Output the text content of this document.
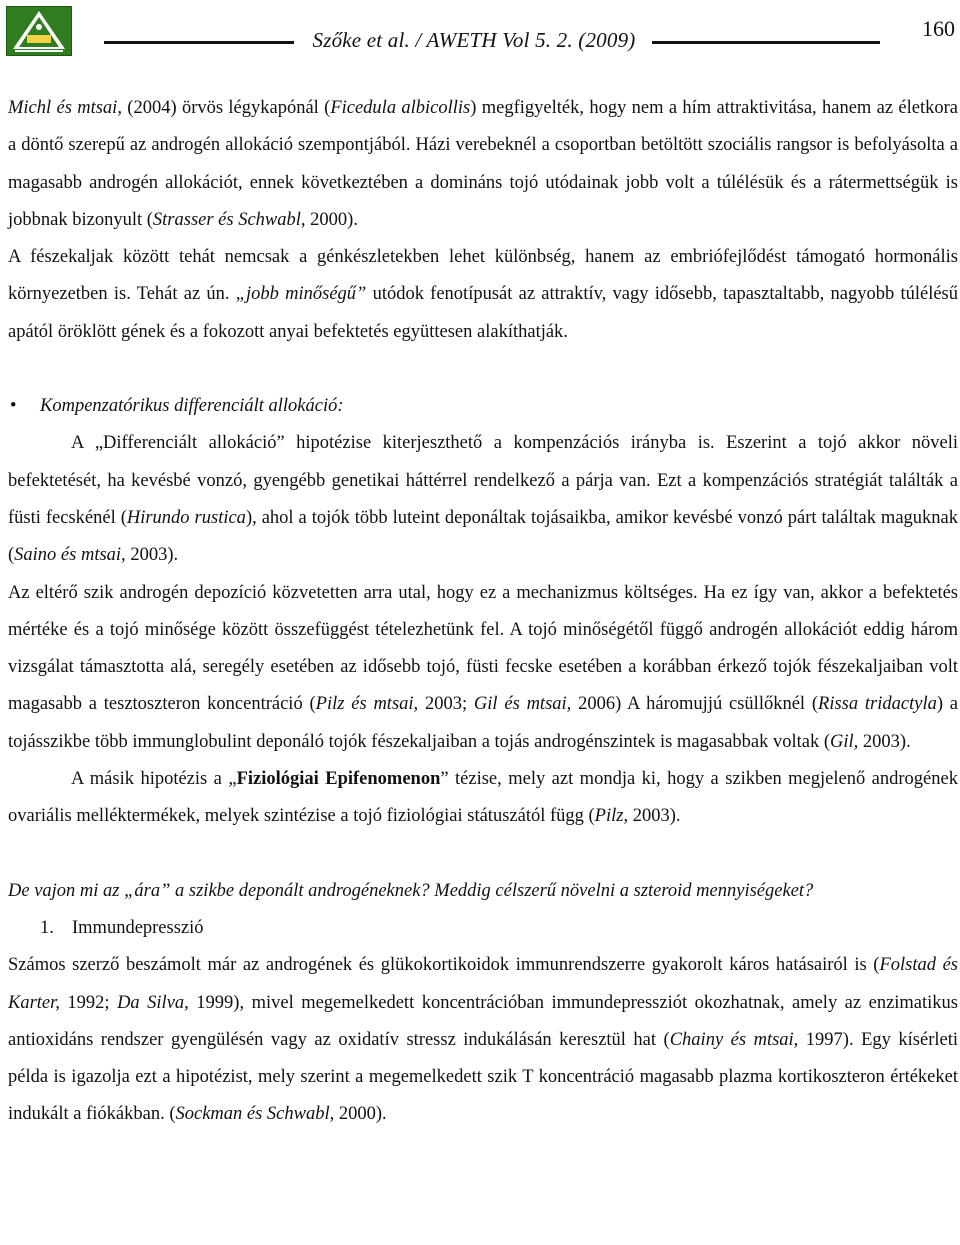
Szőke et al. / AWETH Vol 5. 2. (2009)	160

Michl és mtsai, (2004) örvös légykapónál (Ficedula albicollis) megfigyelték, hogy nem a hím attraktivitása, hanem az életkora a döntő szerepű az androgén allokáció szempontjából. Házi verebeknél a csoportban betöltött szociális rangsor is befolyásolta a magasabb androgén allokációt, ennek következtében a domináns tojó utódainak jobb volt a túlélésük és a rátermettségük is jobbnak bizonyult (Strasser és Schwabl, 2000).

A fészekaljak között tehát nemcsak a génkészletekben lehet különbség, hanem az embriófejlődést támogató hormonális környezetben is. Tehát az ún. „jobb minőségű” utódok fenotípusát az attraktív, vagy idősebb, tapasztaltabb, nagyobb túlélésű apától öröklött gének és a fokozott anyai befektetés együttesen alakíthatják.

• Kompenzatórikus differenciált allokáció:

A „Differenciált allokáció” hipotézise kiterjeszthető a kompenzációs irányba is. Eszerint a tojó akkor növeli befektetését, ha kevésbé vonzó, gyengébb genetikai háttérrel rendelkező a párja van. Ezt a kompenzációs stratégiát találták a füsti fecskénél (Hirundo rustica), ahol a tojók több luteint deponáltak tojásaikba, amikor kevésbé vonzó párt találtak maguknak (Saino és mtsai, 2003).

Az eltérő szik androgén depozíció közvetetten arra utal, hogy ez a mechanizmus költséges. Ha ez így van, akkor a befektetés mértéke és a tojó minősége között összefüggést tételezhetünk fel. A tojó minőségétől függő androgén allokációt eddig három vizsgálat támasztotta alá, seregély esetében az idősebb tojó, füsti fecske esetében a korábban érkező tojók fészekaljaiban volt magasabb a tesztoszteron koncentráció (Pilz és mtsai, 2003; Gil és mtsai, 2006) A háromujjú csüllőknél (Rissa tridactyla) a tojásszikbe több immunglobulint deponáló tojók fészekaljaiban a tojás androgénszintek is magasabbak voltak (Gil, 2003).

A másik hipotézis a „Fiziológiai Epifenomenon” tézise, mely azt mondja ki, hogy a szikben megjelenő androgének ovariális melléktermékek, melyek szintézise a tojó fiziológiai státuszától függ (Pilz, 2003).

De vajon mi az „ára” a szikbe deponált androgéneknek? Meddig célszerű növelni a szteroid mennyiségeket?

1. Immundepresszió

Számos szerző beszámolt már az androgének és glükokortikoidok immunrendszerre gyakorolt káros hatásairól is (Folstad és Karter, 1992; Da Silva, 1999), mivel megemelkedett koncentrációban immundepressziót okozhatnak, amely az enzimatikus antioxidáns rendszer gyengülésén vagy az oxidatív stressz indukálásán keresztül hat (Chainy és mtsai, 1997). Egy kísérleti példa is igazolja ezt a hipotézist, mely szerint a megemelkedett szik T koncentráció magasabb plazma kortikoszteron értékeket indukált a fiókákban. (Sockman és Schwabl, 2000).
